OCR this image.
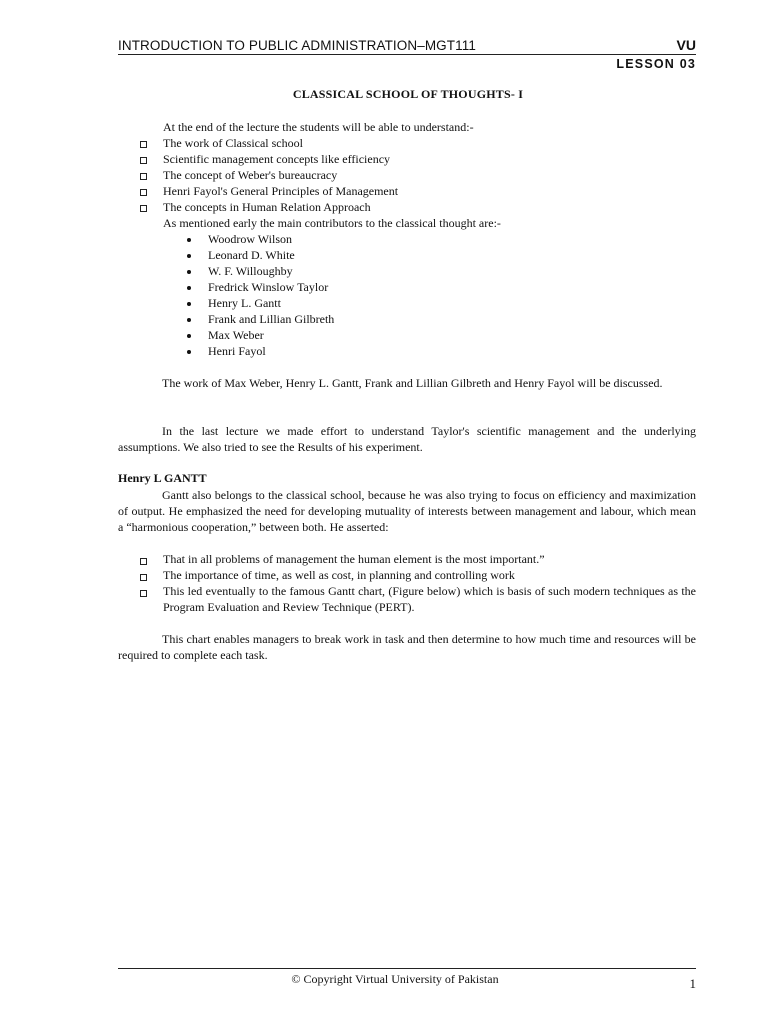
INTRODUCTION TO PUBLIC ADMINISTRATION–MGT111	VU
LESSON 03
CLASSICAL SCHOOL OF THOUGHTS- I
At the end of the lecture the students will be able to understand:-
The work of Classical school
Scientific management concepts like efficiency
The concept of Weber's bureaucracy
Henri Fayol's General Principles of Management
The concepts in Human Relation Approach
As mentioned early the main contributors to the classical thought are:-
Woodrow Wilson
Leonard D. White
W. F. Willoughby
Fredrick Winslow Taylor
Henry L. Gantt
Frank and Lillian Gilbreth
Max Weber
Henri Fayol
The work of Max Weber, Henry L. Gantt, Frank and Lillian Gilbreth and Henry Fayol will be discussed.
In the last lecture we made effort to understand Taylor's scientific management and the underlying assumptions. We also tried to see the Results of his experiment.
Henry L GANTT
Gantt also belongs to the classical school, because he was also trying to focus on efficiency and maximization of output. He emphasized the need for developing mutuality of interests between management and labour, which mean a “harmonious cooperation,” between both. He asserted:
That in all problems of management the human element is the most important.”
The importance of time, as well as cost, in planning and controlling work
This led eventually to the famous Gantt chart, (Figure below) which is basis of such modern techniques as the Program Evaluation and Review Technique (PERT).
This chart enables managers to break work in task and then determine to how much time and resources will be required to complete each task.
© Copyright Virtual University of Pakistan	1
